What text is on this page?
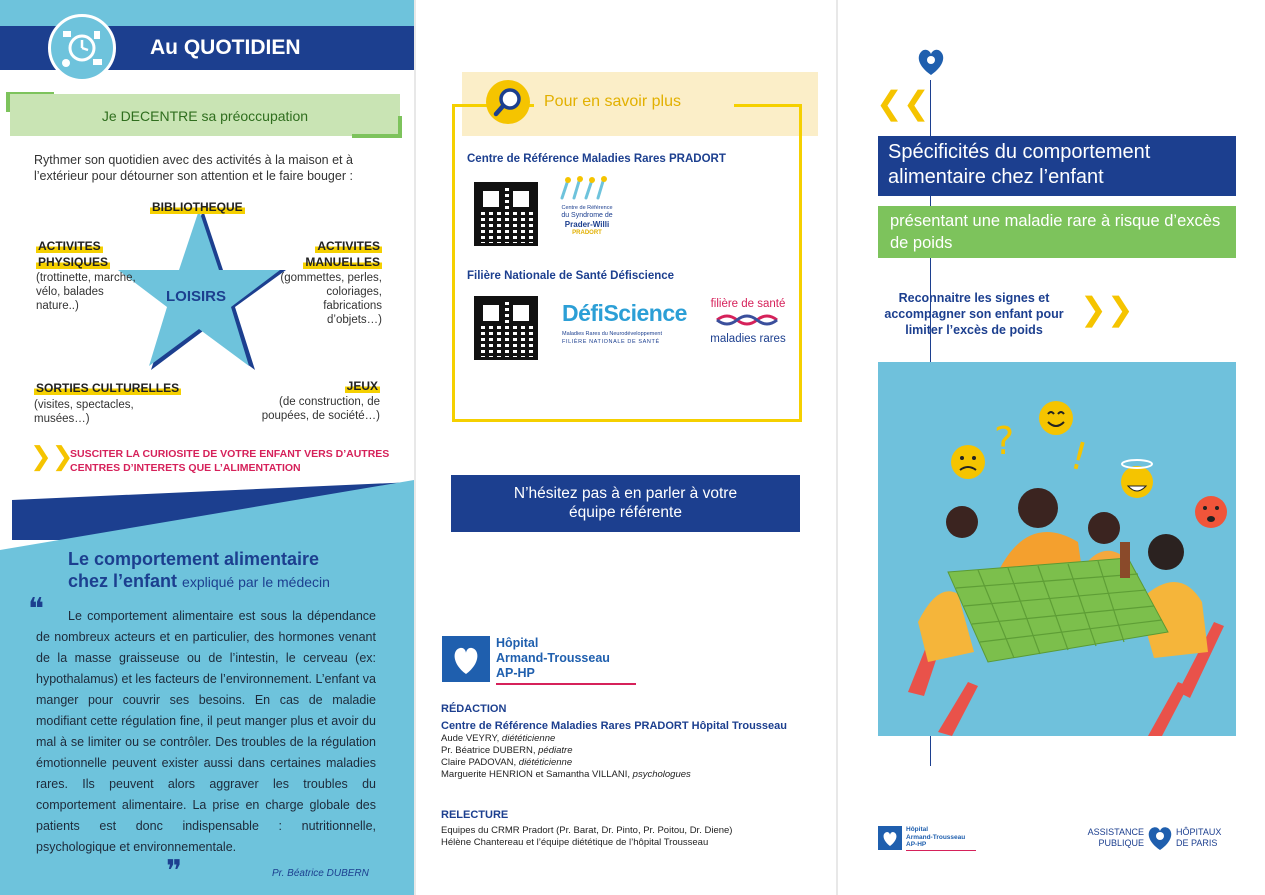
Au QUOTIDIEN
Je DECENTRE sa préoccupation
Rythmer son quotidien avec des activités à la maison et à l’extérieur pour détourner son attention et le faire bouger :
LOISIRS
BIBLIOTHEQUE
ACTIVITES
PHYSIQUES
(trottinette, marche, vélo, balades nature..)
ACTIVITES
MANUELLES
(gommettes, perles, coloriages, fabrications d’objets…)
SORTIES CULTURELLES
(visites, spectacles, musées…)
JEUX
(de construction, de poupées, de société…)
❯❯
SUSCITER LA CURIOSITE DE VOTRE ENFANT VERS D’AUTRES CENTRES D’INTERETS QUE L’ALIMENTATION
Le comportement alimentaire
chez l’enfant expliqué par le médecin
❝	Le comportement alimentaire est sous la dépendance de nombreux acteurs et en particulier, des hormones venant de la masse graisseuse ou de l’intestin, le cerveau (ex: hypothalamus) et les facteurs de l’environnement. L’enfant va manger pour couvrir ses besoins. En cas de maladie modifiant cette régulation fine, il peut manger plus et avoir du mal à se limiter ou se contrôler. Des troubles de la régulation émotionnelle peuvent exister aussi dans certaines maladies rares. Ils peuvent alors aggraver les troubles du comportement alimentaire. La prise en charge globale des patients est donc indispensable : nutritionnelle, psychologique et environnementale.
❞	Pr. Béatrice DUBERN
Pour en savoir plus
Centre de Référence Maladies Rares PRADORT
Centre de Référence
du Syndrome de
Prader-Willi
PRADORT
Filière Nationale de Santé Défiscience
DéfiScience
Maladies Rares du Neurodéveloppement
FILIÈRE NATIONALE DE SANTÉ
filière de santé
maladies rares
N’hésitez pas à en parler à votre équipe référente
Hôpital
Armand-Trousseau
AP-HP
RÉDACTION
Centre de Référence Maladies Rares PRADORT Hôpital Trousseau
Aude VEYRY, diététicienne
Pr. Béatrice DUBERN, pédiatre
Claire PADOVAN, diététicienne
Marguerite HENRION et Samantha VILLANI, psychologues
RELECTURE
Equipes du CRMR Pradort (Pr. Barat, Dr. Pinto, Pr. Poitou, Dr. Diene)
Hélène Chantereau et l’équipe diététique de l’hôpital Trousseau
❮❮
Spécificités du comportement alimentaire chez l’enfant
présentant une maladie rare à risque d’excès de poids
Reconnaitre les signes et accompagner son enfant pour limiter l’excès de poids
❯❯
? !
Hôpital
Armand-Trousseau
AP-HP
ASSISTANCE
PUBLIQUE
HÔPITAUX
DE PARIS
